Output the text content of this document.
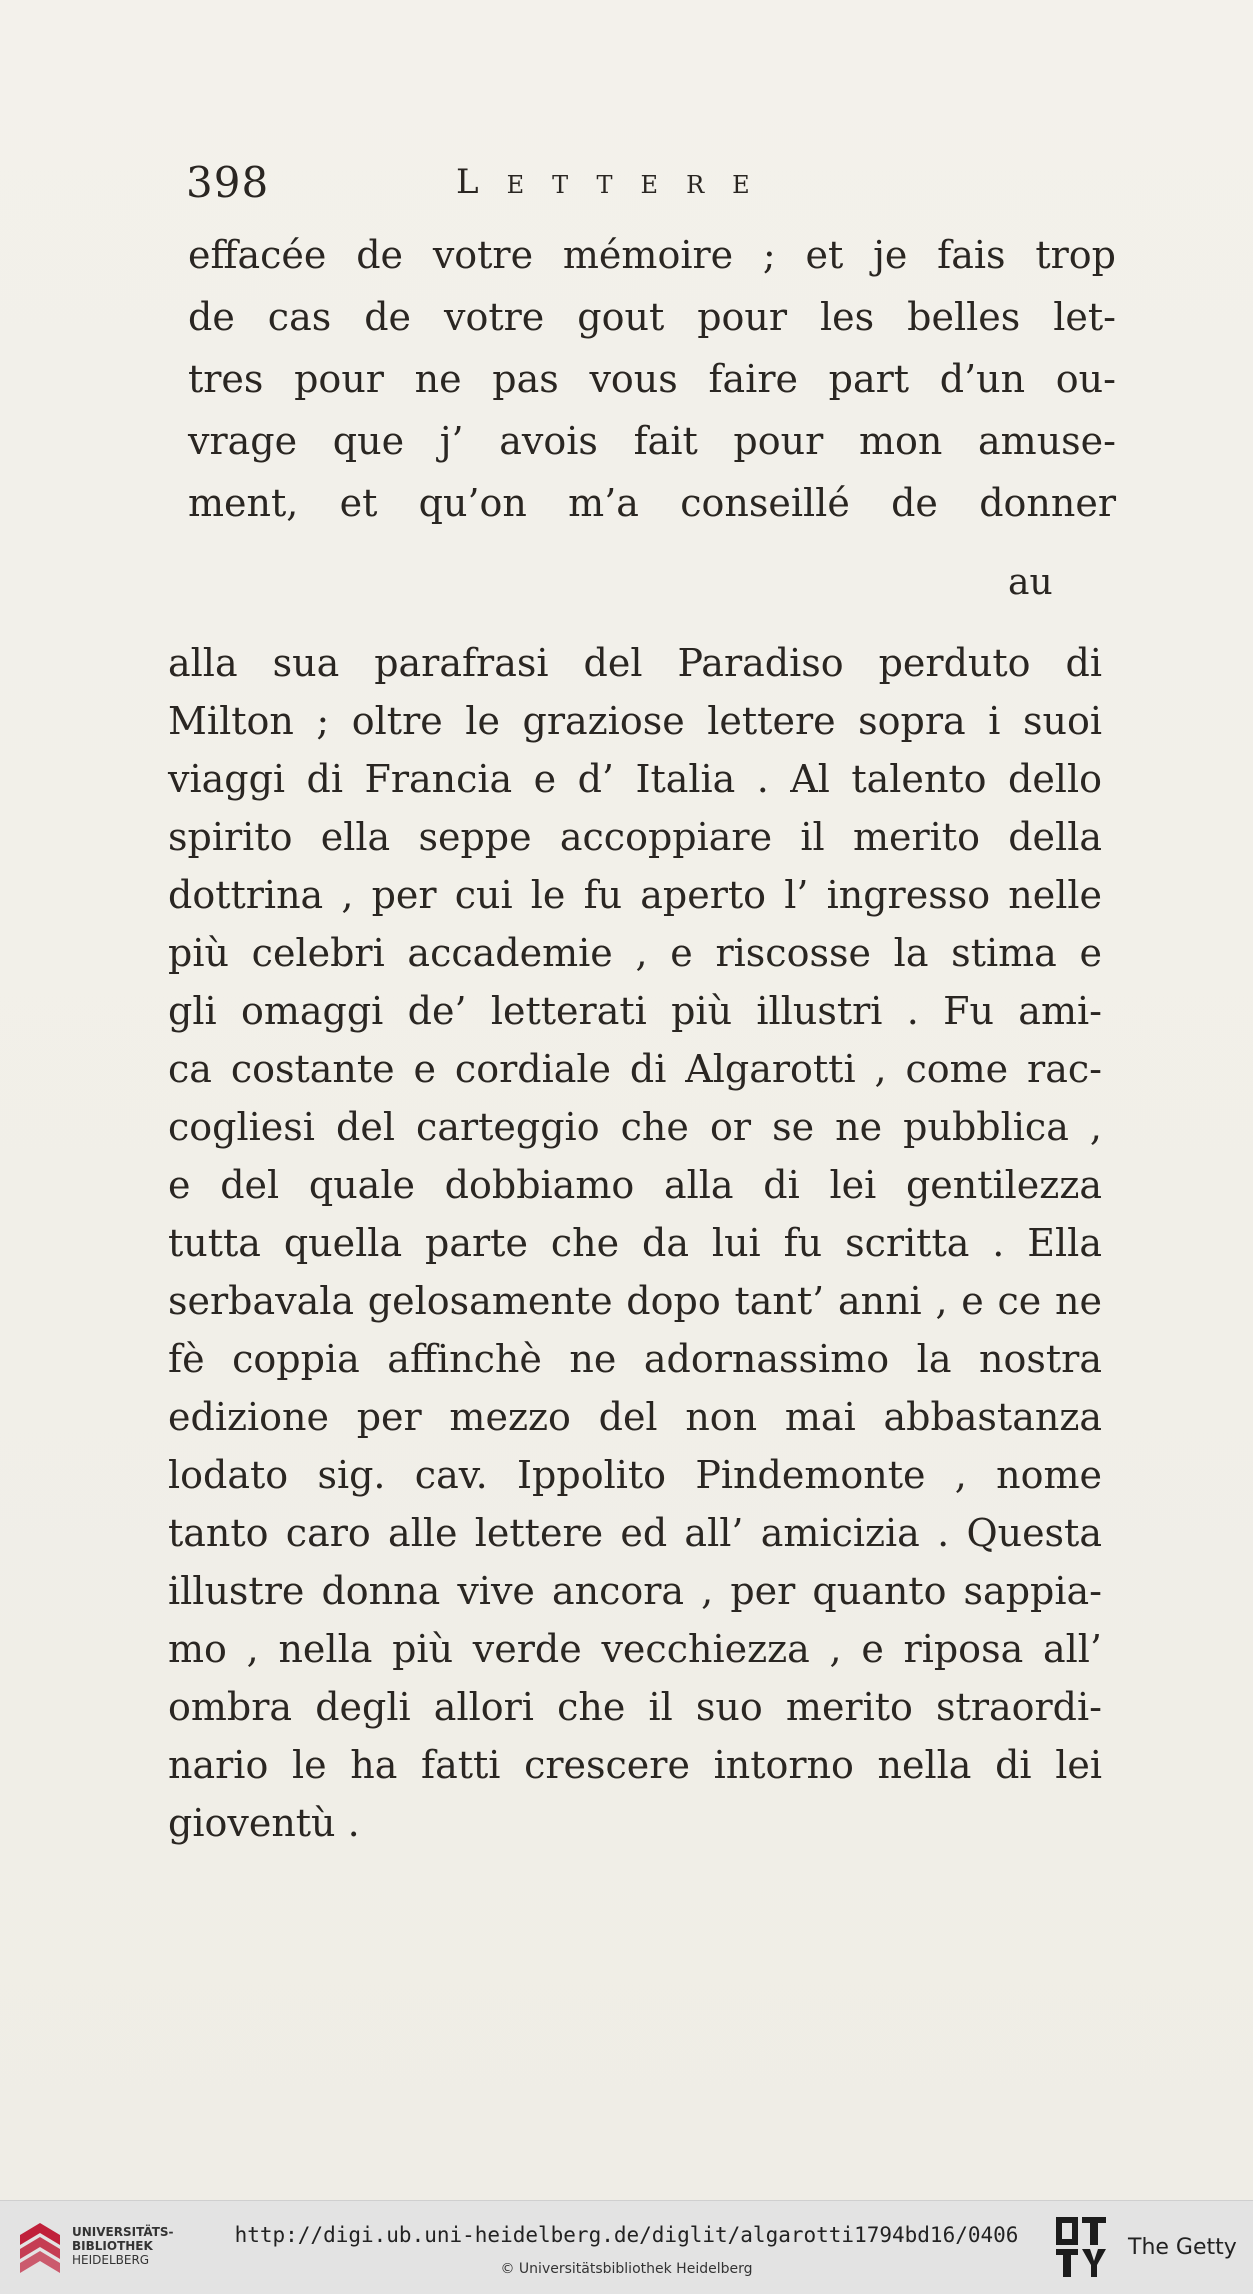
398	Lettere
effacée de votre mémoire ; et je fais trop
de cas de votre gout pour les belles let-
tres pour ne pas vous faire part d’un ou-
vrage que j’ avois fait pour mon amuse-
ment, et qu’on m’a conseillé de donner
au
alla sua parafrasi del Paradiso perduto di
Milton ; oltre le graziose lettere sopra i suoi
viaggi di Francia e d’ Italia . Al talento dello
spirito ella seppe accoppiare il merito della
dottrina , per cui le fu aperto l’ ingresso nelle
più celebri accademie , e riscosse la stima e
gli omaggi de’ letterati più illustri . Fu ami-
ca costante e cordiale di Algarotti , come rac-
cogliesi del carteggio che or se ne pubblica ,
e del quale dobbiamo alla di lei gentilezza
tutta quella parte che da lui fu scritta . Ella
serbavala gelosamente dopo tant’ anni , e ce ne
fè coppia affinchè ne adornassimo la nostra
edizione per mezzo del non mai abbastanza
lodato sig. cav. Ippolito Pindemonte , nome
tanto caro alle lettere ed all’ amicizia . Questa
illustre donna vive ancora , per quanto sappia-
mo , nella più verde vecchiezza , e riposa all’
ombra degli allori che il suo merito straordi-
nario le ha fatti crescere intorno nella di lei
gioventù .
UNIVERSITÄTS-
BIBLIOTHEK
HEIDELBERG
http://digi.ub.uni-heidelberg.de/diglit/algarotti1794bd16/0406
© Universitätsbibliothek Heidelberg
The Getty
